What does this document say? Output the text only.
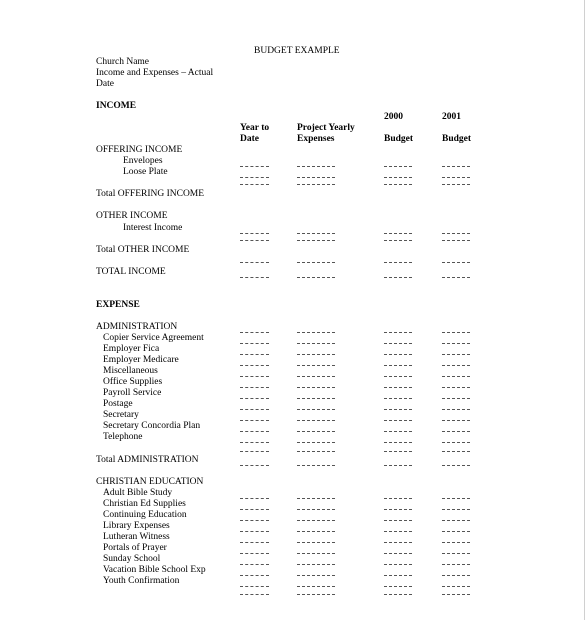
BUDGET EXAMPLE
Church Name
Income and Expenses – Actual
Date
INCOME
Year to
Date
Project Yearly
Expenses
2000
Budget
2001
Budget
OFFERING INCOME
Envelopes
Loose Plate
Total OFFERING INCOME
OTHER INCOME
Interest Income
Total OTHER INCOME
TOTAL INCOME
EXPENSE
ADMINISTRATION
Copier Service Agreement
Employer Fica
Employer Medicare
Miscellaneous
Office Supplies
Payroll Service
Postage
Secretary
Secretary Concordia Plan
Telephone
Total ADMINISTRATION
CHRISTIAN EDUCATION
Adult Bible Study
Christian Ed Supplies
Continuing Education
Library Expenses
Lutheran Witness
Portals of Prayer
Sunday School
Vacation Bible School Exp
Youth Confirmation
